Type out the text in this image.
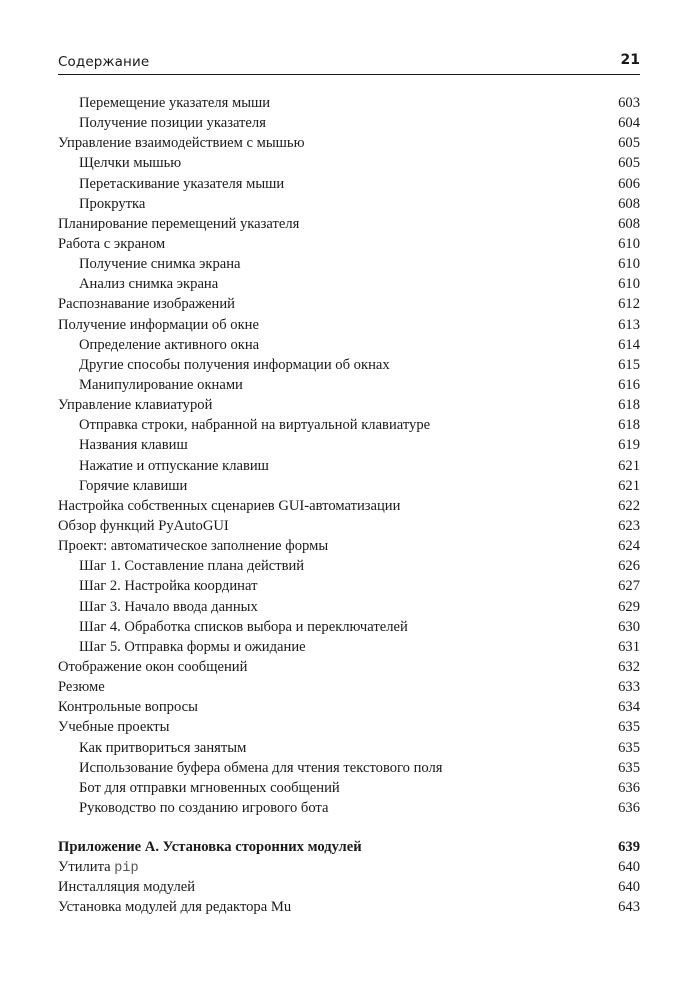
Содержание	21
Перемещение указателя мыши	603
Получение позиции указателя	604
Управление взаимодействием с мышью	605
Щелчки мышью	605
Перетаскивание указателя мыши	606
Прокрутка	608
Планирование перемещений указателя	608
Работа с экраном	610
Получение снимка экрана	610
Анализ снимка экрана	610
Распознавание изображений	612
Получение информации об окне	613
Определение активного окна	614
Другие способы получения информации об окнах	615
Манипулирование окнами	616
Управление клавиатурой	618
Отправка строки, набранной на виртуальной клавиатуре	618
Названия клавиш	619
Нажатие и отпускание клавиш	621
Горячие клавиши	621
Настройка собственных сценариев GUI-автоматизации	622
Обзор функций PyAutoGUI	623
Проект: автоматическое заполнение формы	624
Шаг 1. Составление плана действий	626
Шаг 2. Настройка координат	627
Шаг 3. Начало ввода данных	629
Шаг 4. Обработка списков выбора и переключателей	630
Шаг 5. Отправка формы и ожидание	631
Отображение окон сообщений	632
Резюме	633
Контрольные вопросы	634
Учебные проекты	635
Как притвориться занятым	635
Использование буфера обмена для чтения текстового поля	635
Бот для отправки мгновенных сообщений	636
Руководство по созданию игрового бота	636
Приложение А. Установка сторонних модулей	639
Утилита pip	640
Инсталляция модулей	640
Установка модулей для редактора Mu	643
